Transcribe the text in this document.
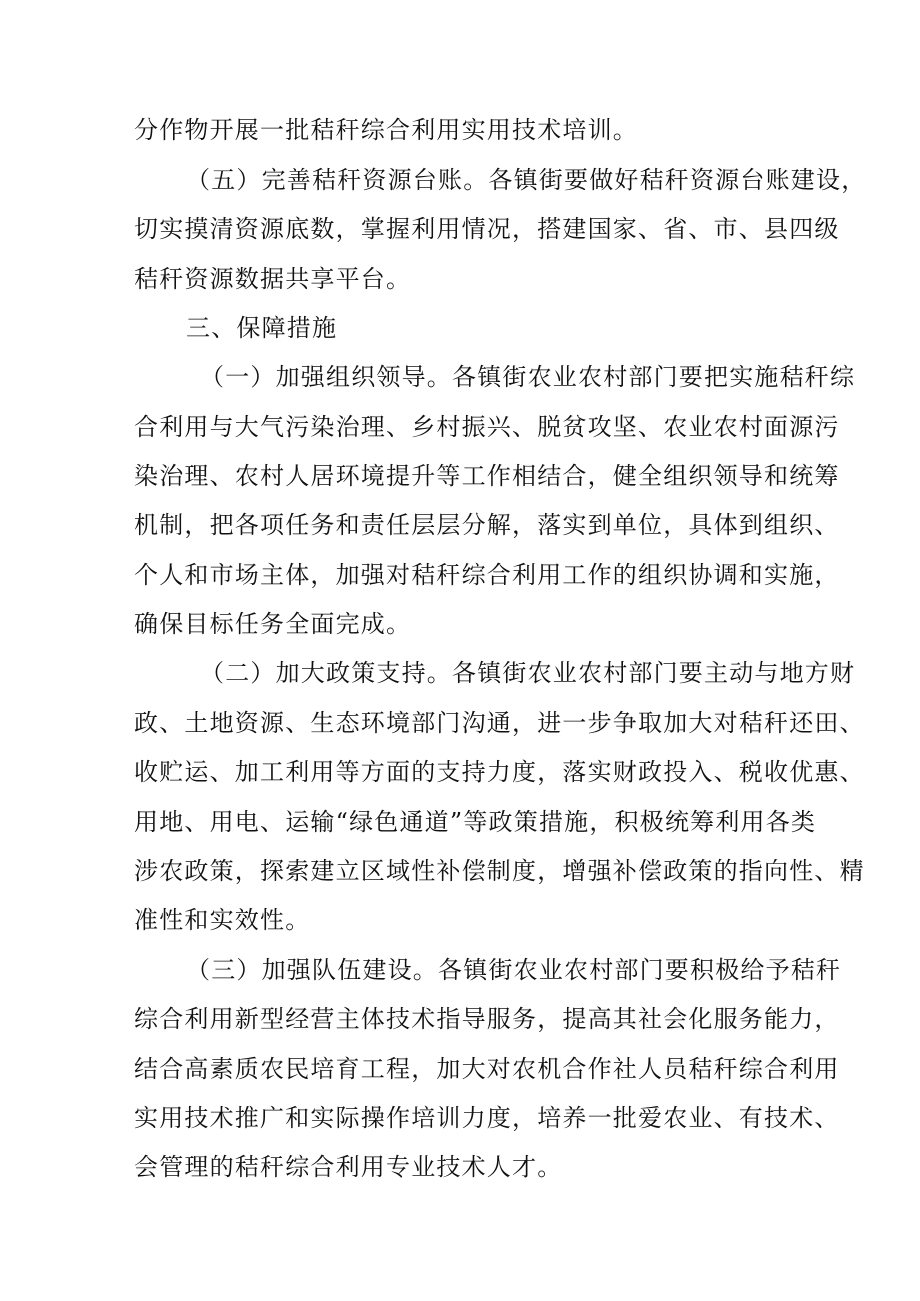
分作物开展一批秸秆综合利用实用技术培训。
（五）完善秸秆资源台账。各镇街要做好秸秆资源台账建设，
切实摸清资源底数，掌握利用情况，搭建国家、省、市、县四级
秸秆资源数据共享平台。
三、保障措施
（一）加强组织领导。各镇街农业农村部门要把实施秸秆综
合利用与大气污染治理、乡村振兴、脱贫攻坚、农业农村面源污
染治理、农村人居环境提升等工作相结合，健全组织领导和统筹
机制，把各项任务和责任层层分解，落实到单位，具体到组织、
个人和市场主体，加强对秸秆综合利用工作的组织协调和实施，
确保目标任务全面完成。
（二）加大政策支持。各镇街农业农村部门要主动与地方财
政、土地资源、生态环境部门沟通，进一步争取加大对秸秆还田、
收贮运、加工利用等方面的支持力度，落实财政投入、税收优惠、
用地、用电、运输“绿色通道”等政策措施，积极统筹利用各类
涉农政策，探索建立区域性补偿制度，增强补偿政策的指向性、精
准性和实效性。
（三）加强队伍建设。各镇街农业农村部门要积极给予秸秆
综合利用新型经营主体技术指导服务，提高其社会化服务能力，
结合高素质农民培育工程，加大对农机合作社人员秸秆综合利用
实用技术推广和实际操作培训力度，培养一批爱农业、有技术、
会管理的秸秆综合利用专业技术人才。
